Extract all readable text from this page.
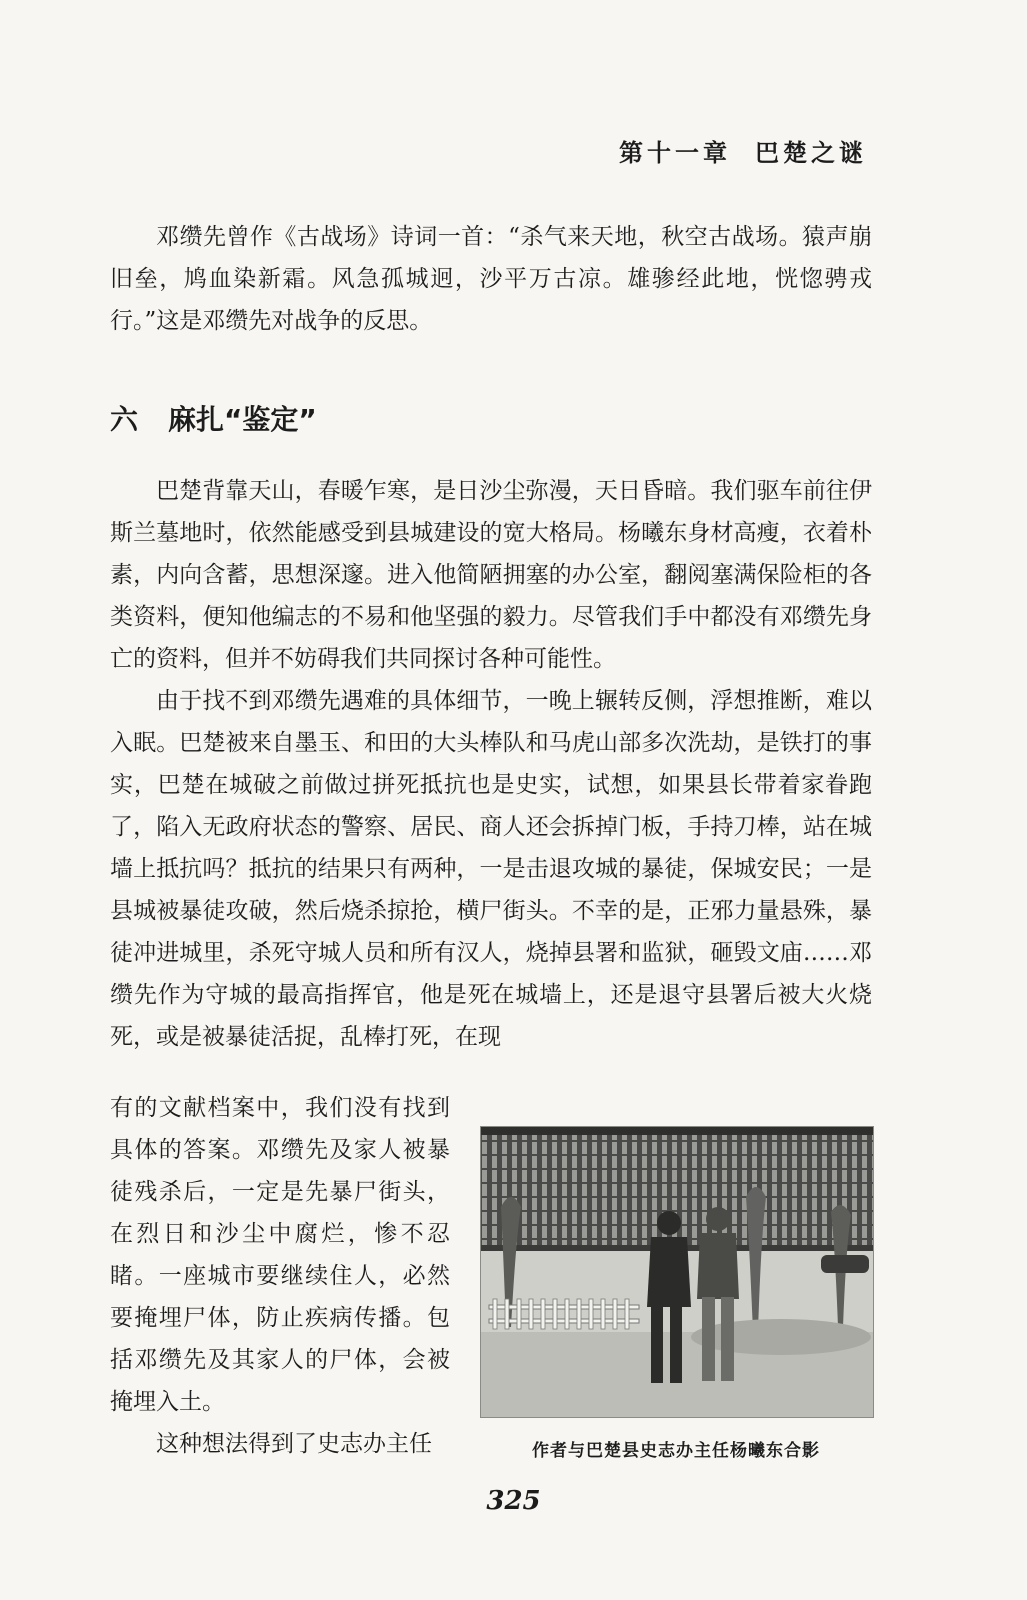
第十一章 巴楚之谜

邓缵先曾作《古战场》诗词一首：“杀气来天地，秋空古战场。猿声崩旧垒，鸠血染新霜。风急孤城迥，沙平万古凉。雄骖经此地，恍惚骋戎行。”这是邓缵先对战争的反思。

六 麻扎“鉴定”

巴楚背靠天山，春暖乍寒，是日沙尘弥漫，天日昏暗。我们驱车前往伊斯兰墓地时，依然能感受到县城建设的宽大格局。杨曦东身材高瘦，衣着朴素，内向含蓄，思想深邃。进入他简陋拥塞的办公室，翻阅塞满保险柜的各类资料，便知他编志的不易和他坚强的毅力。尽管我们手中都没有邓缵先身亡的资料，但并不妨碍我们共同探讨各种可能性。

由于找不到邓缵先遇难的具体细节，一晚上辗转反侧，浮想推断，难以入眠。巴楚被来自墨玉、和田的大头棒队和马虎山部多次洗劫，是铁打的事实，巴楚在城破之前做过拼死抵抗也是史实，试想，如果县长带着家眷跑了，陷入无政府状态的警察、居民、商人还会拆掉门板，手持刀棒，站在城墙上抵抗吗？抵抗的结果只有两种，一是击退攻城的暴徒，保城安民；一是县城被暴徒攻破，然后烧杀掠抢，横尸街头。不幸的是，正邪力量悬殊，暴徒冲进城里，杀死守城人员和所有汉人，烧掉县署和监狱，砸毁文庙……邓缵先作为守城的最高指挥官，他是死在城墙上，还是退守县署后被大火烧死，或是被暴徒活捉，乱棒打死，在现

有的文献档案中，我们没有找到具体的答案。邓缵先及家人被暴徒残杀后，一定是先暴尸街头，在烈日和沙尘中腐烂，惨不忍睹。一座城市要继续住人，必然要掩埋尸体，防止疾病传播。包括邓缵先及其家人的尸体，会被掩埋入土。

这种想法得到了史志办主任	作者与巴楚县史志办主任杨曦东合影
325
